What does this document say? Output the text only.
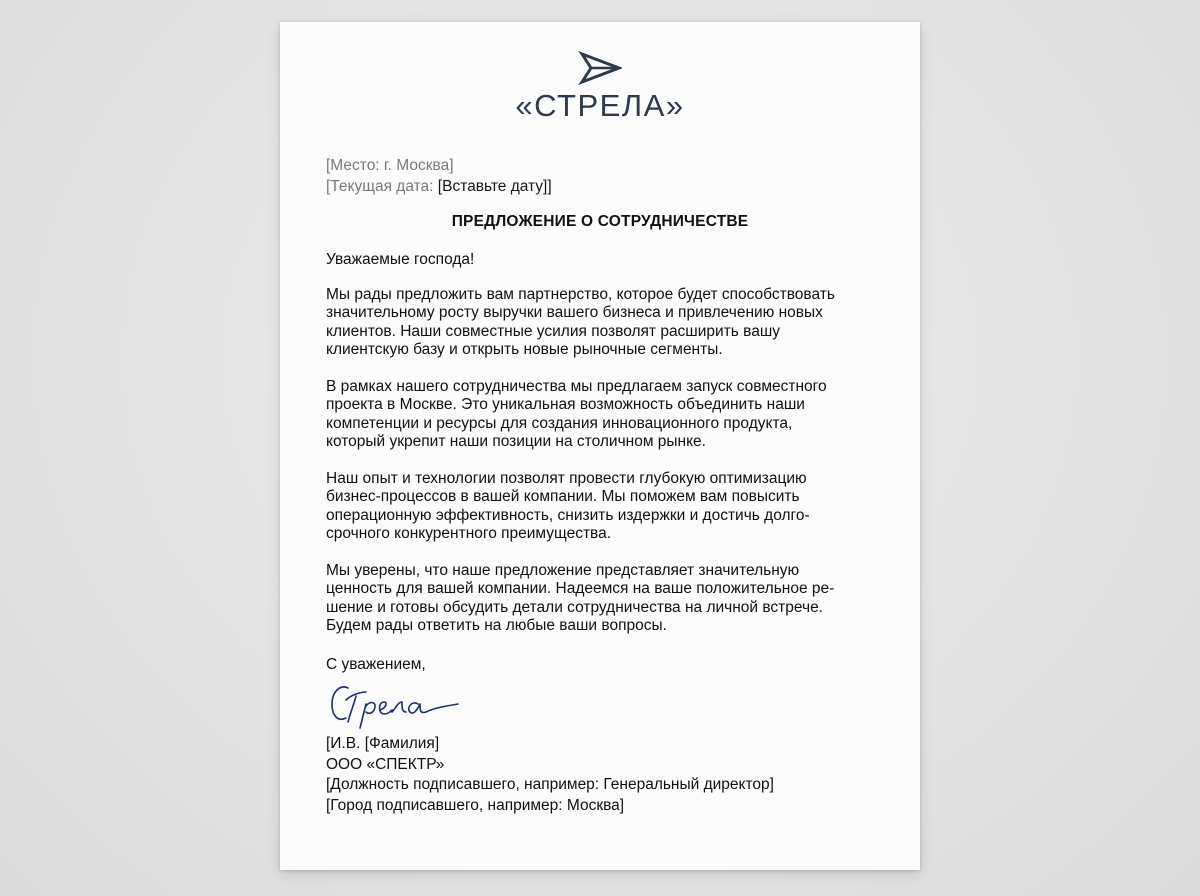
«СТРЕЛА»
[Место: г. Москва]
[Текущая дата: [Вставьте дату]]
ПРЕДЛОЖЕНИЕ О СОТРУДНИЧЕСТВЕ

Уважаемые господа!

Мы рады предложить вам партнерство, которое будет способствовать
значительному росту выручки вашего бизнеса и привлечению новых
клиентов. Наши совместные усилия позволят расширить вашу
клиентскую базу и открыть новые рыночные сегменты.

В рамках нашего сотрудничества мы предлагаем запуск совместного
проекта в Москве. Это уникальная возможность объединить наши
компетенции и ресурсы для создания инновационного продукта,
который укрепит наши позиции на столичном рынке.

Наш опыт и технологии позволят провести глубокую оптимизацию
бизнес-процессов в вашей компании. Мы поможем вам повысить
операционную эффективность, снизить издержки и достичь долго-
срочного конкурентного преимущества.

Мы уверены, что наше предложение представляет значительную
ценность для вашей компании. Надеемся на ваше положительное ре-
шение и готовы обсудить детали сотрудничества на личной встрече.
Будем рады ответить на любые ваши вопросы.

С уважением,
[И.В. [Фамилия]
ООО «СПЕКТР»
[Должность подписавшего, например: Генеральный директор]
[Город подписавшего, например: Москва]
